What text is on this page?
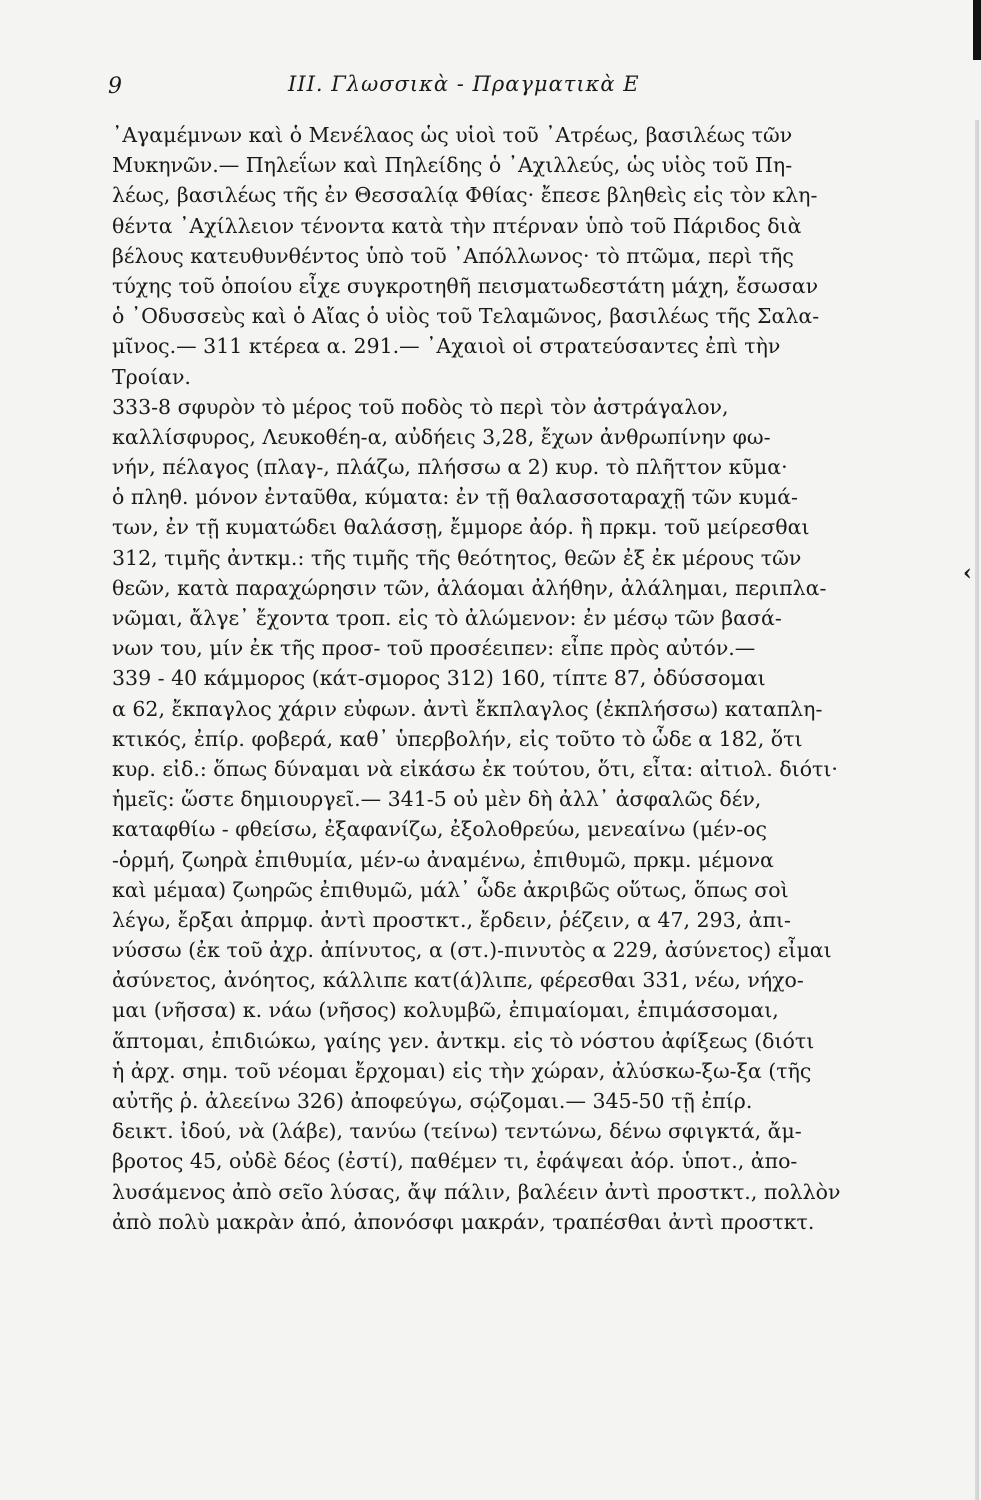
9	III. Γλωσσικὰ - Πραγματικὰ E
‹
᾿Αγαμέμνων καὶ ὁ Μενέλαος ὡς υἱοὶ τοῦ ᾿Ατρέως, βασιλέως τῶν
Μυκηνῶν.— Πηλεΐων καὶ Πηλείδης ὁ ᾿Αχιλλεύς, ὡς υἱὸς τοῦ Πη-
λέως, βασιλέως τῆς ἐν Θεσσαλίᾳ Φθίας· ἔπεσε βληθεὶς εἰς τὸν κλη-
θέντα ᾿Αχίλλειον τένοντα κατὰ τὴν πτέρναν ὑπὸ τοῦ Πάριδος διὰ
βέλους κατευθυνθέντος ὑπὸ τοῦ ᾿Απόλλωνος· τὸ πτῶμα, περὶ τῆς
τύχης τοῦ ὁποίου εἶχε συγκροτηθῆ πεισματωδεστάτη μάχη, ἔσωσαν
ὁ ᾿Οδυσσεὺς καὶ ὁ Αἴας ὁ υἱὸς τοῦ Τελαμῶνος, βασιλέως τῆς Σαλα-
μῖνος.— 311 κτέρεα α. 291.— ᾿Αχαιοὶ οἱ στρατεύσαντες ἐπὶ τὴν
Τροίαν.
333-8 σφυρὸν τὸ μέρος τοῦ ποδὸς τὸ περὶ τὸν ἀστράγαλον,
καλλίσφυρος, Λευκοθέη-α, αὐδήεις 3,28, ἔχων ἀνθρωπίνην φω-
νήν, πέλαγος (πλαγ-, πλάζω, πλήσσω α 2) κυρ. τὸ πλῆττον κῦμα·
ὁ πληθ. μόνον ἐνταῦθα, κύματα: ἐν τῇ θαλασσοταραχῇ τῶν κυμά-
των, ἐν τῇ κυματώδει θαλάσσῃ, ἔμμορε ἀόρ. ἢ πρκμ. τοῦ μείρεσθαι
312, τιμῆς ἀντκμ.: τῆς τιμῆς τῆς θεότητος, θεῶν ἐξ ἐκ μέρους τῶν
θεῶν, κατὰ παραχώρησιν τῶν, ἀλάομαι ἀλήθην, ἀλάλημαι, περιπλα-
νῶμαι, ἄλγε᾿ ἔχοντα τροπ. εἰς τὸ ἀλώμενον: ἐν μέσῳ τῶν βασά-
νων του, μίν ἐκ τῆς προσ- τοῦ προσέειπεν: εἶπε πρὸς αὐτόν.—
339 - 40 κάμμορος (κάτ-σμορος 312) 160, τίπτε 87, ὀδύσσομαι
α 62, ἔκπαγλος χάριν εὐφων. ἀντὶ ἔκπλαγλος (ἐκπλήσσω) καταπλη-
κτικός, ἐπίρ. φοβερά, καθ᾿ ὑπερβολήν, εἰς τοῦτο τὸ ὧδε α 182, ὅτι
κυρ. εἰδ.: ὅπως δύναμαι νὰ εἰκάσω ἐκ τούτου, ὅτι, εἶτα: αἰτιολ. διότι·
ἡμεῖς: ὥστε δημιουργεῖ.— 341-5 οὐ μὲν δὴ ἀλλ᾿ ἀσφαλῶς δέν,
καταφθίω - φθείσω, ἐξαφανίζω, ἐξολοθρεύω, μενεαίνω (μέν-ος
-ὁρμή, ζωηρὰ ἐπιθυμία, μέν-ω ἀναμένω, ἐπιθυμῶ, πρκμ. μέμονα
καὶ μέμαα) ζωηρῶς ἐπιθυμῶ, μάλ᾿ ὧδε ἀκριβῶς οὕτως, ὅπως σοὶ
λέγω, ἔρξαι ἀπρμφ. ἀντὶ προστκτ., ἔρδειν, ῥέζειν, α 47, 293, ἀπι-
νύσσω (ἐκ τοῦ ἀχρ. ἀπίνυτος, α (στ.)-πινυτὸς α 229, ἀσύνετος) εἶμαι
ἀσύνετος, ἀνόητος, κάλλιπε κατ(ά)λιπε, φέρεσθαι 331, νέω, νήχο-
μαι (νῆσσα) κ. νάω (νῆσος) κολυμβῶ, ἐπιμαίομαι, ἐπιμάσσομαι,
ἅπτομαι, ἐπιδιώκω, γαίης γεν. ἀντκμ. εἰς τὸ νόστου ἀφίξεως (διότι
ἡ ἀρχ. σημ. τοῦ νέομαι ἔρχομαι) εἰς τὴν χώραν, ἀλύσκω-ξω-ξα (τῆς
αὐτῆς ῥ. ἀλεείνω 326) ἀποφεύγω, σῴζομαι.— 345-50 τῇ ἐπίρ.
δεικτ. ἰδού, νὰ (λάβε), τανύω (τείνω) τεντώνω, δένω σφιγκτά, ἄμ-
βροτος 45, οὐδὲ δέος (ἐστί), παθέμεν τι, ἐφάψεαι ἀόρ. ὑποτ., ἀπο-
λυσάμενος ἀπὸ σεῖο λύσας, ἄψ πάλιν, βαλέειν ἀντὶ προστκτ., πολλὸν
ἀπὸ πολὺ μακρὰν ἀπό, ἀπονόσφι μακράν, τραπέσθαι ἀντὶ προστκτ.
